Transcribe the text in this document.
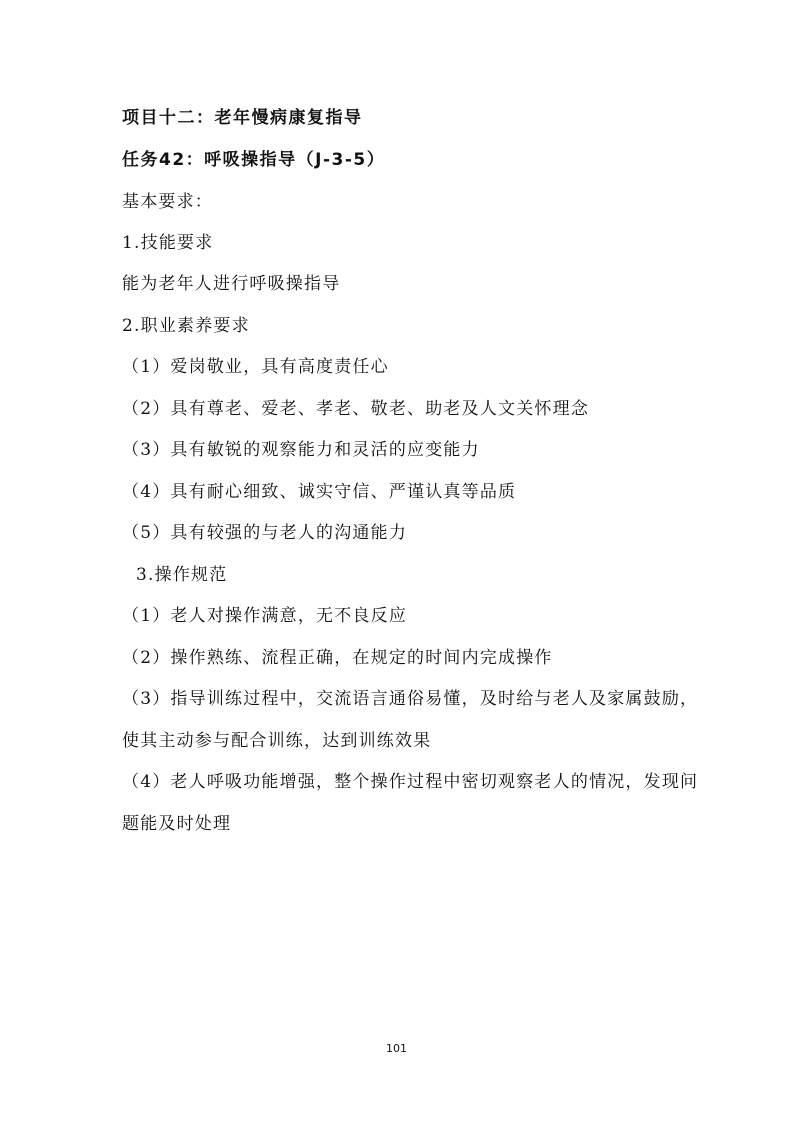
项目十二：老年慢病康复指导
任务42：呼吸操指导（J-3-5）
基本要求：
1.技能要求
能为老年人进行呼吸操指导
2.职业素养要求
（1）爱岗敬业，具有高度责任心
（2）具有尊老、爱老、孝老、敬老、助老及人文关怀理念
（3）具有敏锐的观察能力和灵活的应变能力
（4）具有耐心细致、诚实守信、严谨认真等品质
（5）具有较强的与老人的沟通能力
3.操作规范
（1）老人对操作满意，无不良反应
（2）操作熟练、流程正确，在规定的时间内完成操作
（3）指导训练过程中，交流语言通俗易懂，及时给与老人及家属鼓励，
使其主动参与配合训练，达到训练效果
（4）老人呼吸功能增强，整个操作过程中密切观察老人的情况，发现问
题能及时处理
101
